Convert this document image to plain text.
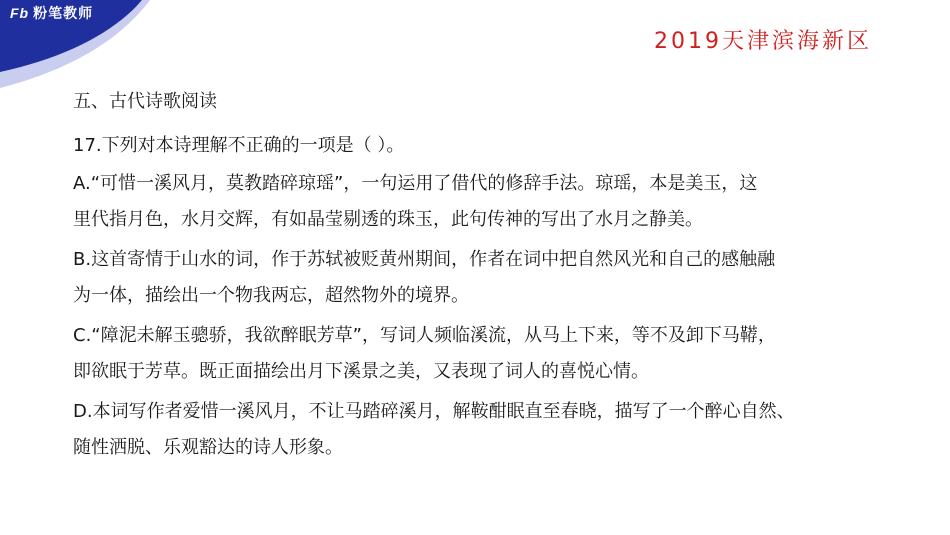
Fb 粉笔教师
2019天津滨海新区
五、古代诗歌阅读
17.下列对本诗理解不正确的一项是（ ）。
A.“可惜一溪风月，莫教踏碎琼瑶”，一句运用了借代的修辞手法。琼瑶，本是美玉，这
里代指月色，水月交辉，有如晶莹剔透的珠玉，此句传神的写出了水月之静美。
B.这首寄情于山水的词，作于苏轼被贬黄州期间，作者在词中把自然风光和自己的感触融
为一体，描绘出一个物我两忘，超然物外的境界。
C.“障泥未解玉骢骄，我欲醉眠芳草”，写词人频临溪流，从马上下来，等不及卸下马鞯，
即欲眠于芳草。既正面描绘出月下溪景之美，又表现了词人的喜悦心情。
D.本词写作者爱惜一溪风月，不让马踏碎溪月，解鞍酣眠直至春晓，描写了一个醉心自然、
随性洒脱、乐观豁达的诗人形象。
